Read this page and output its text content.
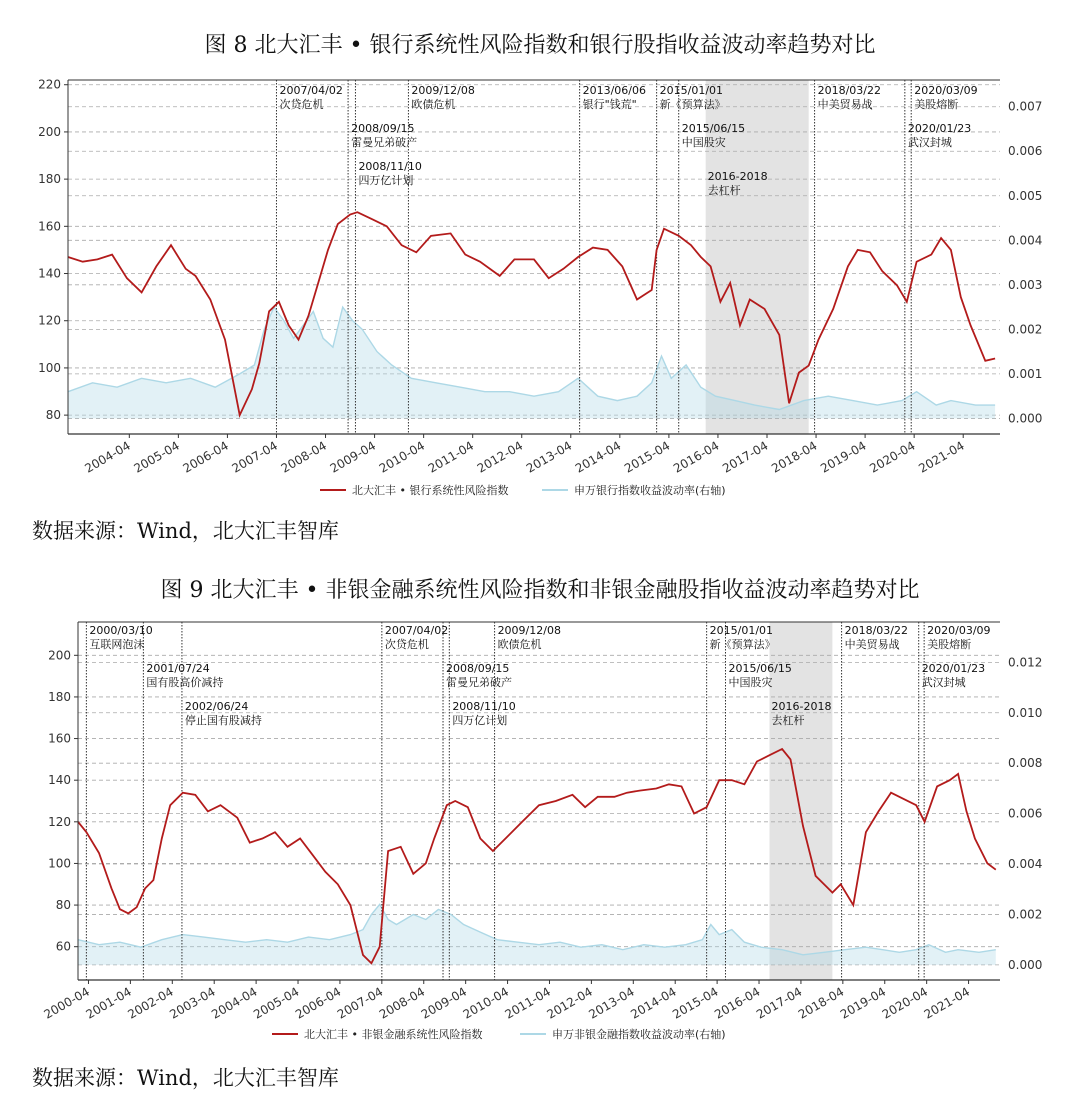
图 8 北大汇丰 • 银行系统性风险指数和银行股指收益波动率趋势对比
80
100
120
140
160
180
200
220
0.000
0.001
0.002
0.003
0.004
0.005
0.006
0.007
2004-04
2005-04
2006-04
2007-04
2008-04
2009-04
2010-04
2011-04
2012-04
2013-04
2014-04
2015-04
2016-04
2017-04
2018-04
2019-04
2020-04
2021-04
2007/04/02
次贷危机
2008/09/15
雷曼兄弟破产
2008/11/10
四万亿计划
2009/12/08
欧债危机
2013/06/06
银行"钱荒"
2015/01/01
新《预算法》
2015/06/15
中国股灾
2018/03/22
中美贸易战
2020/01/23
武汉封城
2020/03/09
美股熔断
2016-2018
去杠杆
北大汇丰 • 银行系统性风险指数	申万银行指数收益波动率(右轴)
数据来源：Wind，北大汇丰智库
图 9 北大汇丰 • 非银金融系统性风险指数和非银金融股指收益波动率趋势对比
60
80
100
120
140
160
180
200
0.000
0.002
0.004
0.006
0.008
0.010
0.012
2000-04
2001-04
2002-04
2003-04
2004-04
2005-04
2006-04
2007-04
2008-04
2009-04
2010-04
2011-04
2012-04
2013-04
2014-04
2015-04
2016-04
2017-04
2018-04
2019-04
2020-04
2021-04
2000/03/10
互联网泡沫
2001/07/24
国有股高价减持
2002/06/24
停止国有股减持
2007/04/02
次贷危机
2008/09/15
雷曼兄弟破产
2008/11/10
四万亿计划
2009/12/08
欧债危机
2015/01/01
新《预算法》
2015/06/15
中国股灾
2016-2018
去杠杆
2018/03/22
中美贸易战
2020/01/23
武汉封城
2020/03/09
美股熔断
北大汇丰 • 非银金融系统性风险指数	申万非银金融指数收益波动率(右轴)
数据来源：Wind，北大汇丰智库
